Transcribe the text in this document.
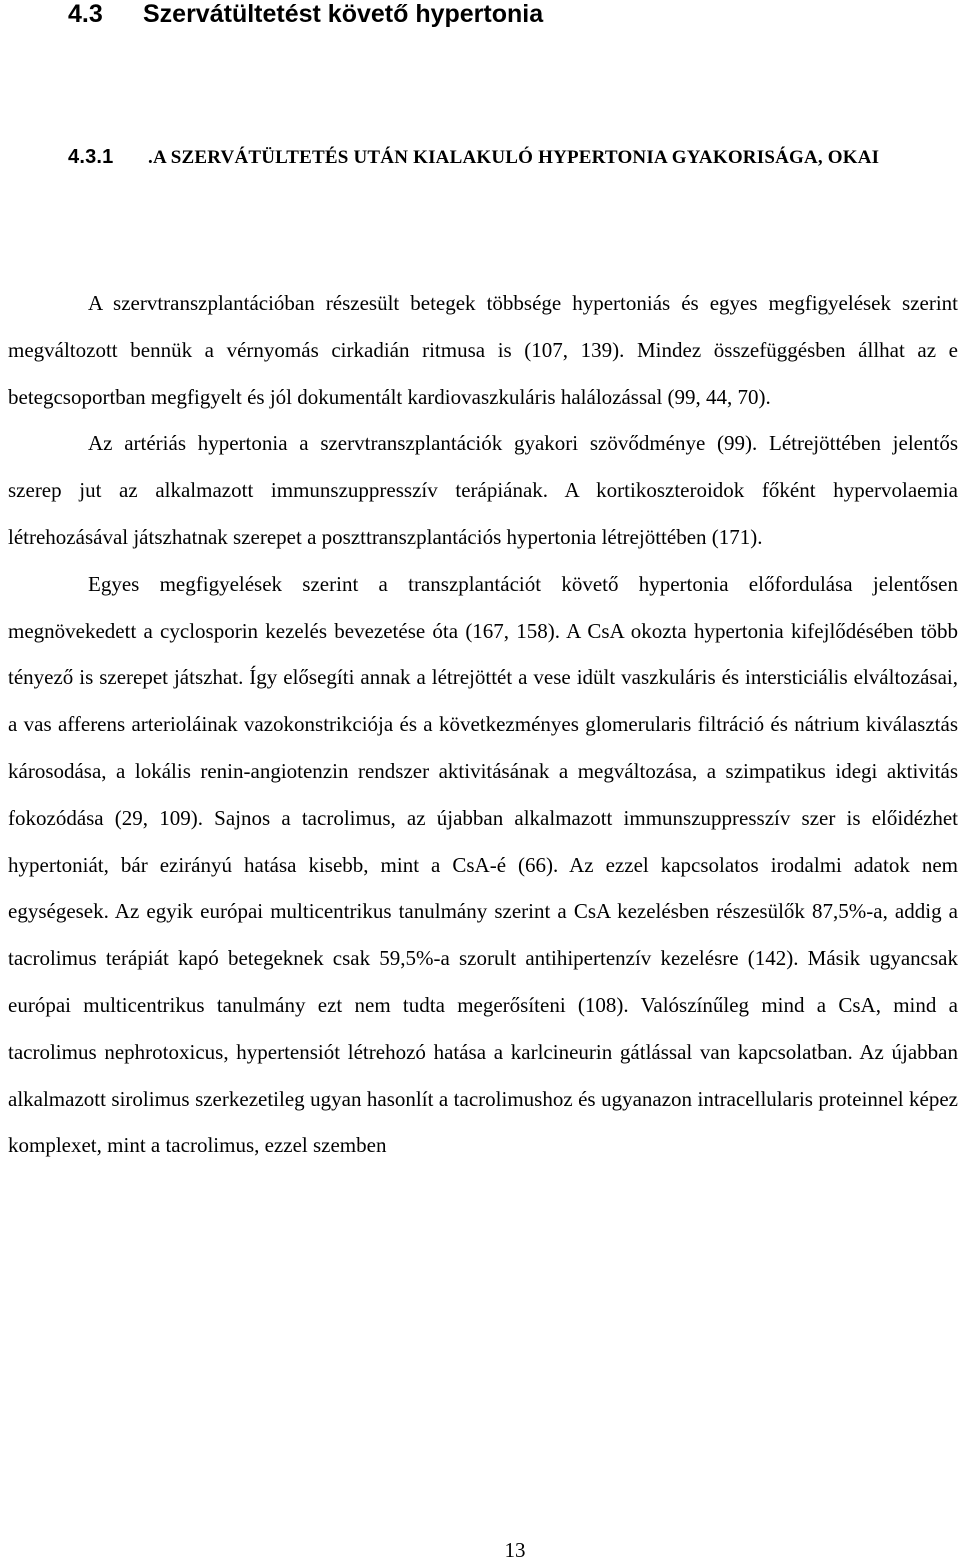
4.3 Szervátültetést követő hypertonia
4.3.1 .A SZERVÁTÜLTETÉS UTÁN KIALAKULÓ HYPERTONIA GYAKORISÁGA, OKAI

A szervtranszplantációban részesült betegek többsége hypertoniás és egyes megfigyelések szerint megváltozott bennük a vérnyomás cirkadián ritmusa is (107, 139). Mindez összefüggésben állhat az e betegcsoportban megfigyelt és jól dokumentált kardiovaszkuláris halálozással (99, 44, 70).

Az artériás hypertonia a szervtranszplantációk gyakori szövődménye (99). Létrejöttében jelentős szerep jut az alkalmazott immunszuppresszív terápiának. A kortikoszteroidok főként hypervolaemia létrehozásával játszhatnak szerepet a poszttranszplantációs hypertonia létrejöttében (171).

Egyes megfigyelések szerint a transzplantációt követő hypertonia előfordulása jelentősen megnövekedett a cyclosporin kezelés bevezetése óta (167, 158). A CsA okozta hypertonia kifejlődésében több tényező is szerepet játszhat. Így elősegíti annak a létrejöttét a vese idült vaszkuláris és intersticiális elváltozásai, a vas afferens arterioláinak vazokonstrikciója és a következményes glomerularis filtráció és nátrium kiválasztás károsodása, a lokális renin-angiotenzin rendszer aktivitásának a megváltozása, a szimpatikus idegi aktivitás fokozódása (29, 109). Sajnos a tacrolimus, az újabban alkalmazott immunszuppresszív szer is előidézhet hypertoniát, bár ezirányú hatása kisebb, mint a CsA-é (66). Az ezzel kapcsolatos irodalmi adatok nem egységesek. Az egyik európai multicentrikus tanulmány szerint a CsA kezelésben részesülők 87,5%-a, addig a tacrolimus terápiát kapó betegeknek csak 59,5%-a szorult antihipertenzív kezelésre (142). Másik ugyancsak európai multicentrikus tanulmány ezt nem tudta megerősíteni (108). Valószínűleg mind a CsA, mind a tacrolimus nephrotoxicus, hypertensiót létrehozó hatása a karlcineurin gátlással van kapcsolatban. Az újabban alkalmazott sirolimus szerkezetileg ugyan hasonlít a tacrolimushoz és ugyanazon intracellularis proteinnel képez komplexet, mint a tacrolimus, ezzel szemben

13
